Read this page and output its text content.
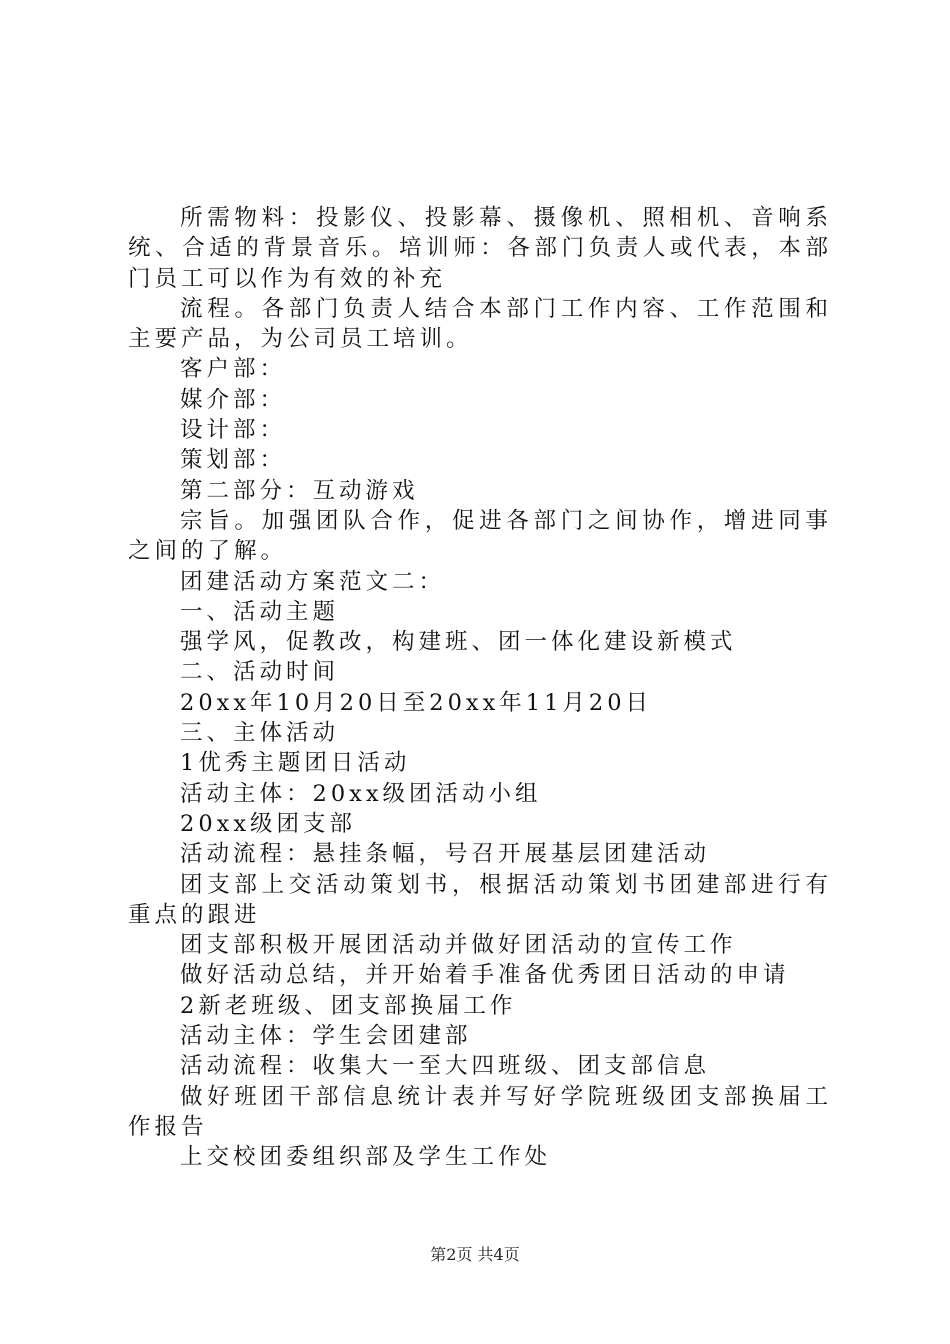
所需物料：投影仪、投影幕、摄像机、照相机、音响系统、合适的背景音乐。培训师：各部门负责人或代表，本部门员工可以作为有效的补充

流程。各部门负责人结合本部门工作内容、工作范围和主要产品，为公司员工培训。

客户部：

媒介部：

设计部：

策划部：

第二部分：互动游戏

宗旨。加强团队合作，促进各部门之间协作，增进同事之间的了解。

团建活动方案范文二：

一、活动主题

强学风，促教改，构建班、团一体化建设新模式

二、活动时间

20xx年10月20日至20xx年11月20日

三、主体活动

1优秀主题团日活动

活动主体：20xx级团活动小组

20xx级团支部

活动流程：悬挂条幅，号召开展基层团建活动

团支部上交活动策划书，根据活动策划书团建部进行有重点的跟进

团支部积极开展团活动并做好团活动的宣传工作

做好活动总结，并开始着手准备优秀团日活动的申请

2新老班级、团支部换届工作

活动主体：学生会团建部

活动流程：收集大一至大四班级、团支部信息

做好班团干部信息统计表并写好学院班级团支部换届工作报告

上交校团委组织部及学生工作处

第2页 共4页
